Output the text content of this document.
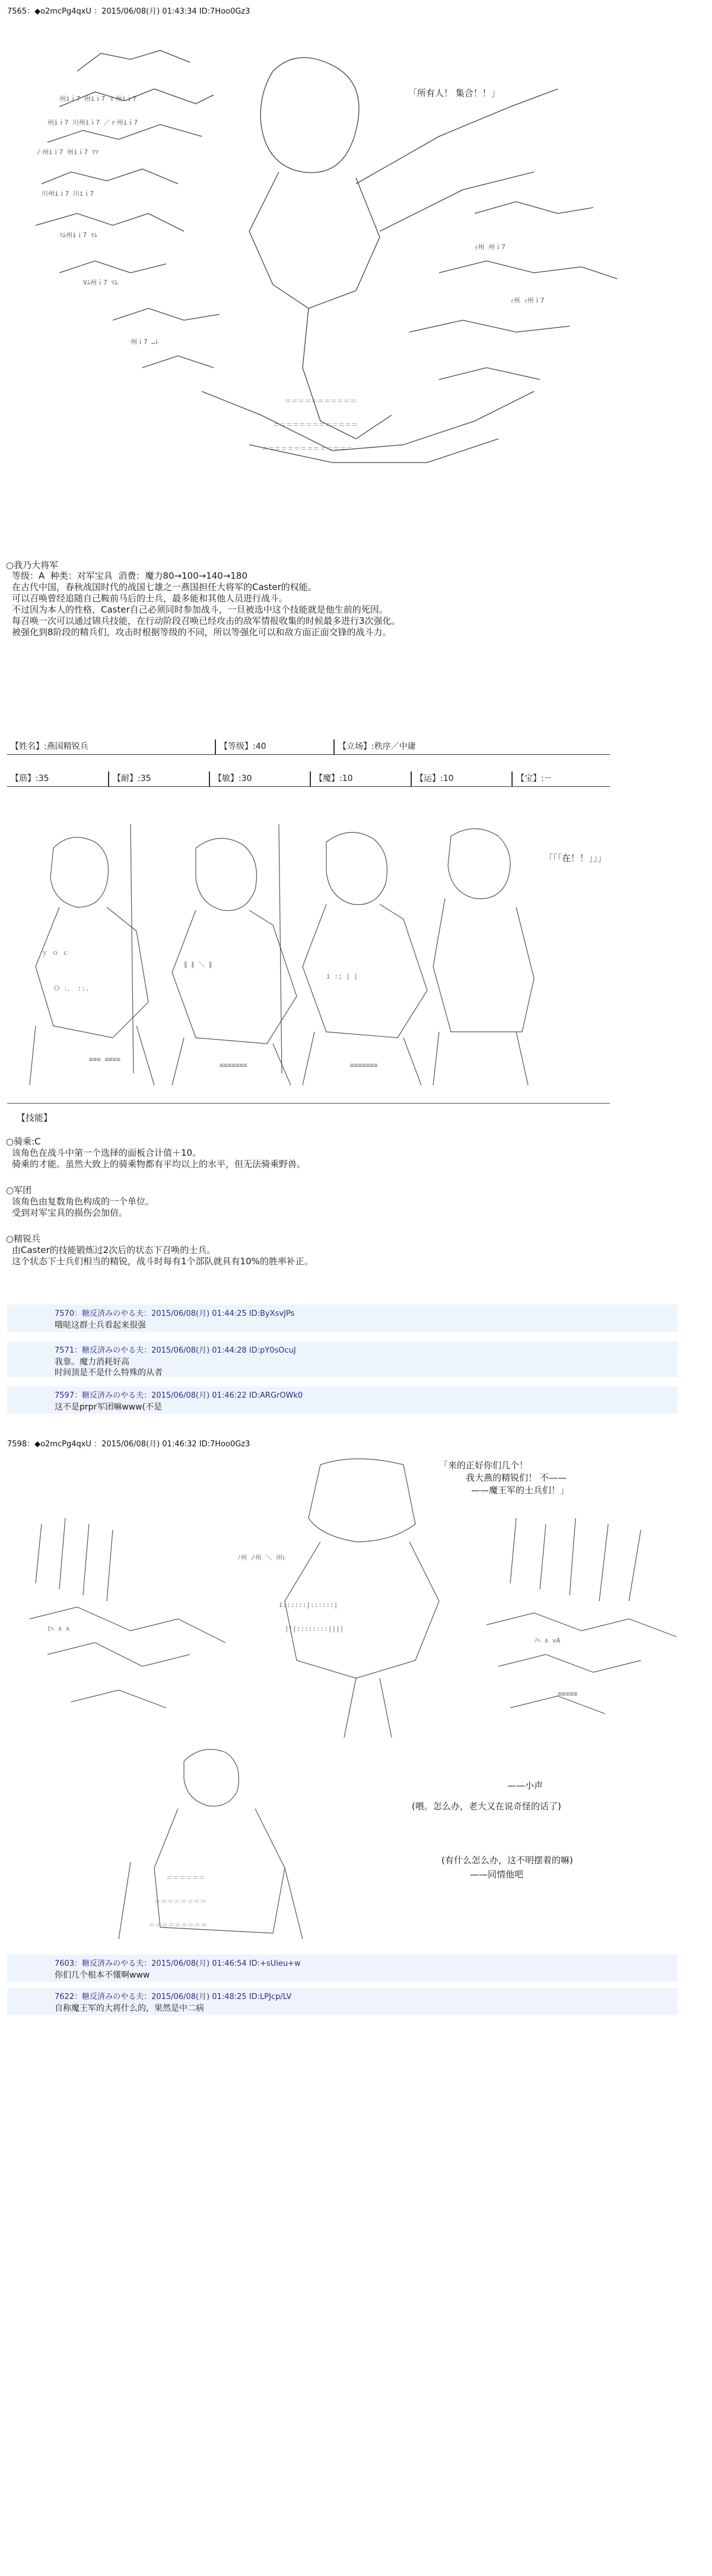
7565：◆o2mcPg4qxU ：2015/06/08(月) 01:43:34 ID:7Hoo0Gz3
州iｉ7 州iｉ7 ｒ州iｉ7
州iｉ7 川州iｉ7 ／ｒ州iｉ7
∥州iｉ7 州iｉ7 ﾏﾏ
川州iｉ7 川iｉ7
ﾏﾑ州iｉ7 ﾏﾑ
Vﾑ州ｉ7 ﾏﾑ
州ｉ7 …ﾚ
ｨ州 州ｉ7
ｨ州 ｨ州ｉ7
＝＝＝＝＝＝＝＝＝＝＝
＝＝＝＝＝＝＝＝＝＝＝＝＝
＝＝＝＝＝＝＝＝＝＝＝＝＝＝
「所有人！ 集合！！」
○我乃大将军
等级：A  种类：对军宝具  消费：魔力80→100→140→180
在古代中国，春秋战国时代的战国七雄之一燕国担任大将军的Caster的权能。
可以召唤曾经追随自己鞍前马后的士兵，最多能和其他人员进行战斗。
不过因为本人的性格，Caster自己必须同时参加战斗，一旦被选中这个技能就是他生前的死因。
每召唤一次可以通过锦兵技能，在行动阶段召唤已经攻击的敌军情报收集的时候最多进行3次强化。
被强化到8阶段的精兵们，攻击时根据等级的不同，所以等强化可以和敌方面正面交锋的战斗力。
【姓名】:燕国精锐兵	【等级】:40	【立场】:秩序／中庸
【筋】:35	【耐】:35	【敏】:30	【魔】:10	【运】:10	【宝】:－
ｙ ｏ ｃ
Ｏ ：、 ::.
∥ ∥ ＼ ∥
i :; | |
≡≡≡ ≡≡≡≡
≡≡≡≡≡≡≡	≡≡≡≡≡≡≡
「「「在！！」」」
【技能】
○骑乘:C
该角色在战斗中第一个选择的面板合计值＋10。
骑乘的才能。虽然大致上的骑乘物都有平均以上的水平，但无法骑乘野兽。
○军团
该角色由复数角色构成的一个单位。
受到对军宝具的损伤会加倍。
○精锐兵
由Caster的技能锻炼过2次后的状态下召唤的士兵。
这个状态下士兵们相当的精锐，战斗时每有1个部队就具有10%的胜率补正。
7570：糖反済みのやる夫：2015/06/08(月) 01:44:25 ID:ByXsvJPs
哦哒这群士兵看起来很强
7571：糖反済みのやる夫：2015/06/08(月) 01:44:28 ID:pY0sOcuJ
我靠。魔力消耗好高
时间顶是不是什么特殊的从者
7597：糖反済みのやる夫：2015/06/08(月) 01:46:22 ID:ARGrOWk0
这不是prpr军团嘛www(不是
7598：◆o2mcPg4qxU ：2015/06/08(月) 01:46:32 ID:7Hoo0Gz3
ﾉ州 /州 ＼ 州ﾚ
i::::::|::::::|
|||::::::::||||
ﾋﾍ ∧ ∧
ﾉﾍ ∧ vA
≡≡≡≡≡
＝＝＝＝＝＝
＝＝＝＝＝＝＝＝
＝＝＝＝＝＝＝＝＝
「来的正好你们几个！
我大燕的精锐们！ 不——
——魔王军的士兵们！」
——小声
(喂。怎么办，老大又在说奇怪的话了)
(有什么怎么办，这不明摆着的嘛)
——同情他吧
7603：糖反済みのやる夫：2015/06/08(月) 01:46:54 ID:+sUieu+w
你们几个根本不懂啊www
7622：糖反済みのやる夫：2015/06/08(月) 01:48:25 ID:LPJcp/LV
自称魔王军的大将什么的，果然是中二病
